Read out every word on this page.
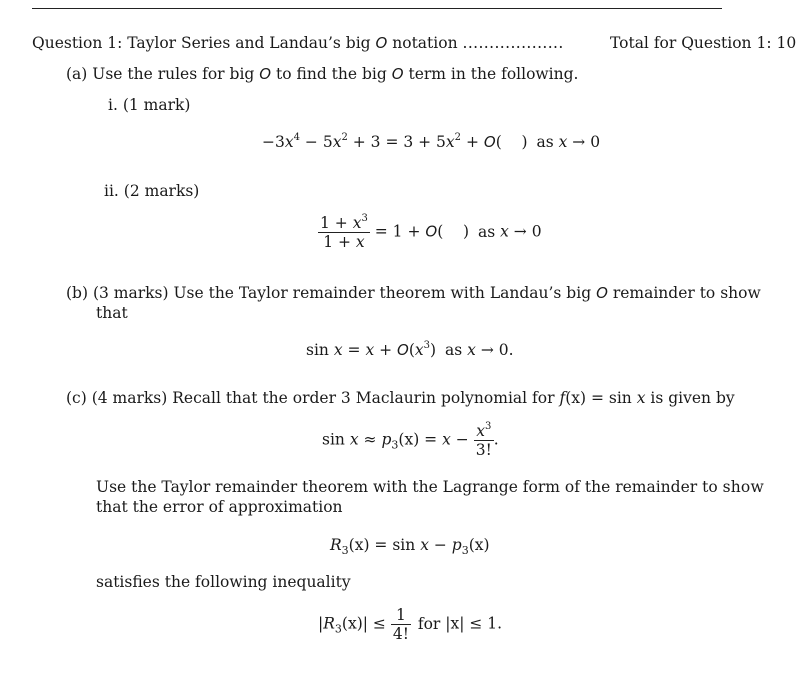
Question 1: Taylor Series and Landau’s big O notation ...................	Total for Question 1: 10
(a) Use the rules for big O to find the big O term in the following.
i. (1 mark)
$-3x^4 - 5x^2 + 3 = 3 + 5x^2 + O$(    ) as x → 0
ii. (2 marks)
$\frac{1 + x^3}{1 + x} = 1 + O$(    ) as x → 0
(b) (3 marks) Use the Taylor remainder theorem with Landau’s big O remainder to show
that
$\sin x = x + O(x^3)$ as x → 0.
(c) (4 marks) Recall that the order 3 Maclaurin polynomial for f(x) = sin x is given by
$\sin x \approx p_3(x) = x - \frac{x^3}{3!}$ .
Use the Taylor remainder theorem with the Lagrange form of the remainder to show
that the error of approximation
$R_3(x) = \sin x - p_3(x)$
satisfies the following inequality
$|R_3(x)| \le \frac{1}{4!}$ for |x| ≤ 1.
